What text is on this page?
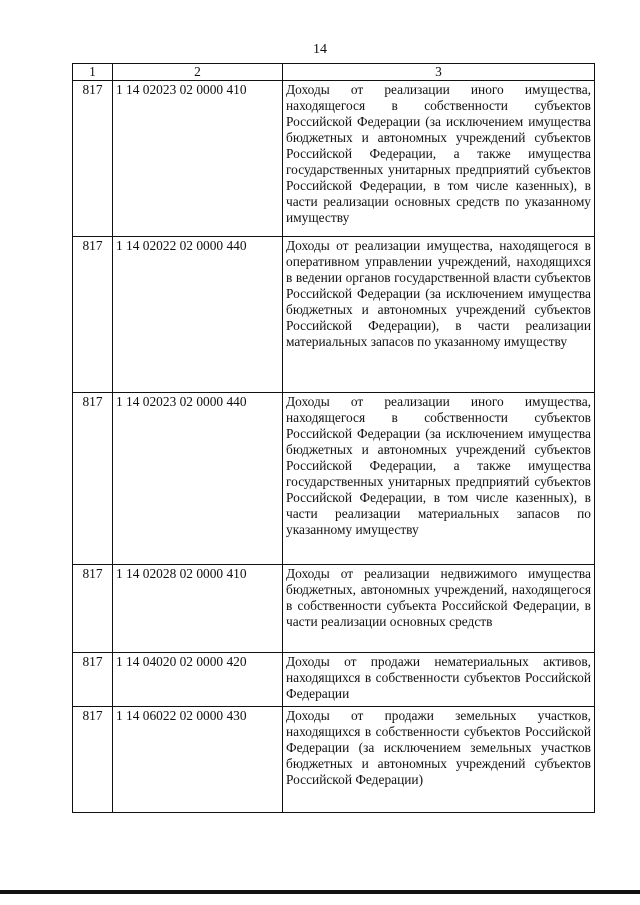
14
1	2	3
817	1 14 02023 02 0000 410	Доходы от реализации иного имущества, находящегося в собственности субъектов Российской Федерации (за исключением имущества бюджетных и автономных учреждений субъектов Российской Федерации, а также имущества государственных унитарных предприятий субъектов Российской Федерации, в том числе казенных), в части реализации основных средств по указанному имуществу
817	1 14 02022 02 0000 440	Доходы от реализации имущества, находящегося в оперативном управлении учреждений, находящихся в ведении органов государственной власти субъектов Российской Федерации (за исключением имущества бюджетных и автономных учреждений субъектов Российской Федерации), в части реализации материальных запасов по указанному имуществу
817	1 14 02023 02 0000 440	Доходы от реализации иного имущества, находящегося в собственности субъектов Российской Федерации (за исключением имущества бюджетных и автономных учреждений субъектов Российской Федерации, а также имущества государственных унитарных предприятий субъектов Российской Федерации, в том числе казенных), в части реализации материальных запасов по указанному имуществу
817	1 14 02028 02 0000 410	Доходы от реализации недвижимого имущества бюджетных, автономных учреждений, находящегося в собственности субъекта Российской Федерации, в части реализации основных средств
817	1 14 04020 02 0000 420	Доходы от продажи нематериальных активов, находящихся в собственности субъектов Российской Федерации
817	1 14 06022 02 0000 430	Доходы от продажи земельных участков, находящихся в собственности субъектов Российской Федерации (за исключением земельных участков бюджетных и автономных учреждений субъектов Российской Федерации)
